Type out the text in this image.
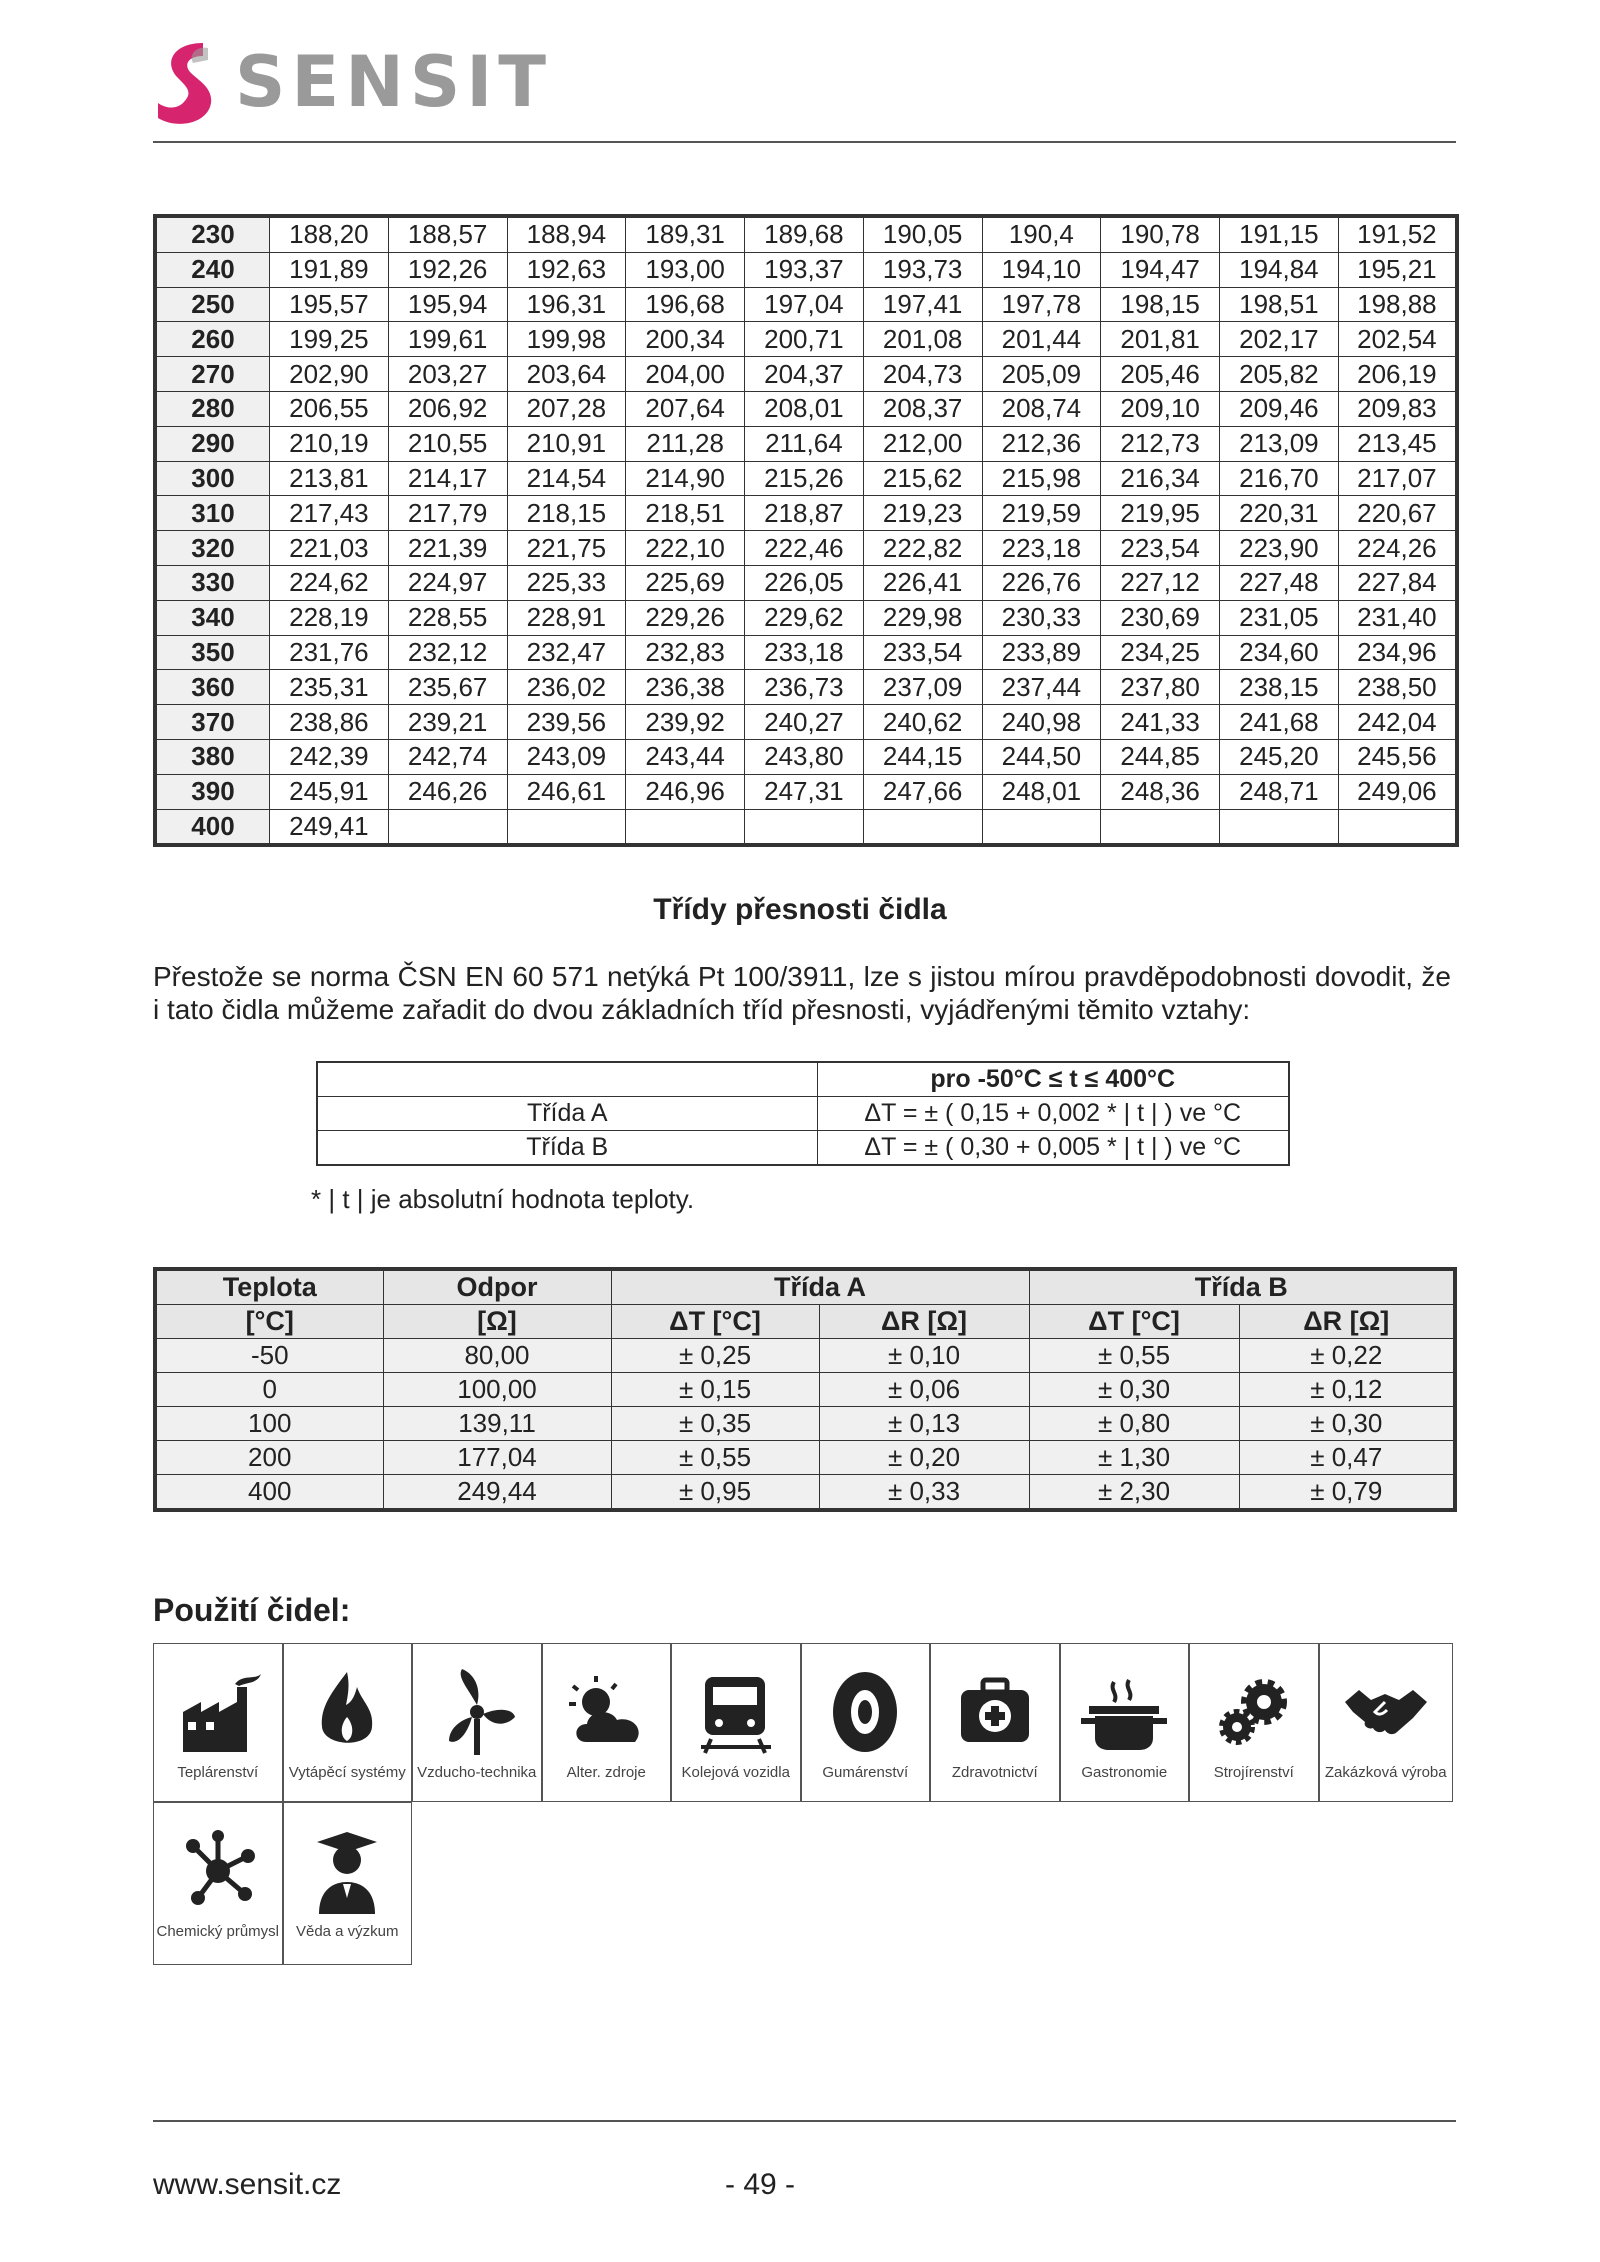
SENSIT
230	188,20	188,57	188,94	189,31	189,68	190,05	190,4	190,78	191,15	191,52
240	191,89	192,26	192,63	193,00	193,37	193,73	194,10	194,47	194,84	195,21
250	195,57	195,94	196,31	196,68	197,04	197,41	197,78	198,15	198,51	198,88
260	199,25	199,61	199,98	200,34	200,71	201,08	201,44	201,81	202,17	202,54
270	202,90	203,27	203,64	204,00	204,37	204,73	205,09	205,46	205,82	206,19
280	206,55	206,92	207,28	207,64	208,01	208,37	208,74	209,10	209,46	209,83
290	210,19	210,55	210,91	211,28	211,64	212,00	212,36	212,73	213,09	213,45
300	213,81	214,17	214,54	214,90	215,26	215,62	215,98	216,34	216,70	217,07
310	217,43	217,79	218,15	218,51	218,87	219,23	219,59	219,95	220,31	220,67
320	221,03	221,39	221,75	222,10	222,46	222,82	223,18	223,54	223,90	224,26
330	224,62	224,97	225,33	225,69	226,05	226,41	226,76	227,12	227,48	227,84
340	228,19	228,55	228,91	229,26	229,62	229,98	230,33	230,69	231,05	231,40
350	231,76	232,12	232,47	232,83	233,18	233,54	233,89	234,25	234,60	234,96
360	235,31	235,67	236,02	236,38	236,73	237,09	237,44	237,80	238,15	238,50
370	238,86	239,21	239,56	239,92	240,27	240,62	240,98	241,33	241,68	242,04
380	242,39	242,74	243,09	243,44	243,80	244,15	244,50	244,85	245,20	245,56
390	245,91	246,26	246,61	246,96	247,31	247,66	248,01	248,36	248,71	249,06
400	249,41									
Třídy přesnosti čidla
Přestože se norma ČSN EN 60 571 netýká Pt 100/3911, lze s jistou mírou pravděpodobnosti dovodit, že i tato čidla můžeme zařadit do dvou základních tříd přesnosti, vyjádřenými těmito vztahy:
	pro -50°C ≤ t ≤ 400°C
Třída A	ΔT = ± ( 0,15 + 0,002 * | t | ) ve °C
Třída B	ΔT = ± ( 0,30 + 0,005 * | t | ) ve °C
* | t | je absolutní hodnota teploty.
Teplota	Odpor	Třída A		Třída B	
[°C]	[Ω]	ΔT [°C]	ΔR [Ω]	ΔT [°C]	ΔR [Ω]
-50	80,00	± 0,25	± 0,10	± 0,55	± 0,22
0	100,00	± 0,15	± 0,06	± 0,30	± 0,12
100	139,11	± 0,35	± 0,13	± 0,80	± 0,30
200	177,04	± 0,55	± 0,20	± 1,30	± 0,47
400	249,44	± 0,95	± 0,33	± 2,30	± 0,79
Použití čidel:
Teplárenství	Vytápěcí systémy Vzducho-technika	Alter. zdroje	Kolejová vozidla	Gumárenství	Zdravotnictví	Gastronomie	Strojírenství	Zakázková výroba
Chemický průmysl	Věda a výzkum
www.sensit.cz	- 49 -
